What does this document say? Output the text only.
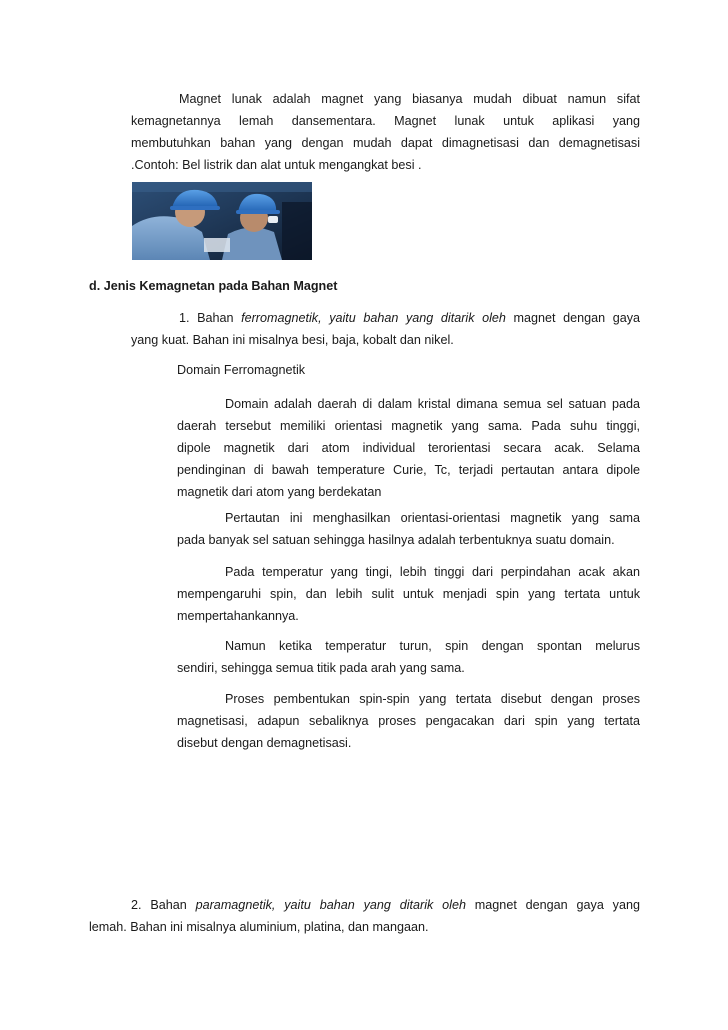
Magnet lunak adalah magnet yang biasanya mudah dibuat namun sifat
kemagnetannya lemah dansementara. Magnet lunak untuk aplikasi yang
membutuhkan bahan yang dengan mudah dapat dimagnetisasi dan demagnetisasi
.Contoh: Bel listrik dan alat untuk mengangkat besi .

d. Jenis Kemagnetan pada Bahan Magnet

1. Bahan ferromagnetik, yaitu bahan yang ditarik oleh magnet dengan gaya
yang kuat. Bahan ini misalnya besi, baja, kobalt dan nikel.

Domain Ferromagnetik

Domain adalah daerah di dalam kristal dimana semua sel satuan pada
daerah tersebut memiliki orientasi magnetik yang sama. Pada suhu tinggi,
dipole magnetik dari atom individual terorientasi secara acak. Selama
pendinginan di bawah temperature Curie, Tc, terjadi pertautan antara dipole
magnetik dari atom yang berdekatan
Pertautan ini menghasilkan orientasi-orientasi magnetik yang sama
pada banyak sel satuan sehingga hasilnya adalah terbentuknya suatu domain.
Pada temperatur yang tingi, lebih tinggi dari perpindahan acak akan
mempengaruhi spin, dan lebih sulit untuk menjadi spin yang tertata untuk
mempertahankannya.
Namun ketika temperatur turun, spin dengan spontan melurus
sendiri, sehingga semua titik pada arah yang sama.
Proses pembentukan spin-spin yang tertata disebut dengan proses
magnetisasi, adapun sebaliknya proses pengacakan dari spin yang tertata
disebut dengan demagnetisasi.
2. Bahan paramagnetik, yaitu bahan yang ditarik oleh magnet dengan gaya yang
lemah. Bahan ini misalnya aluminium, platina, dan mangaan.
